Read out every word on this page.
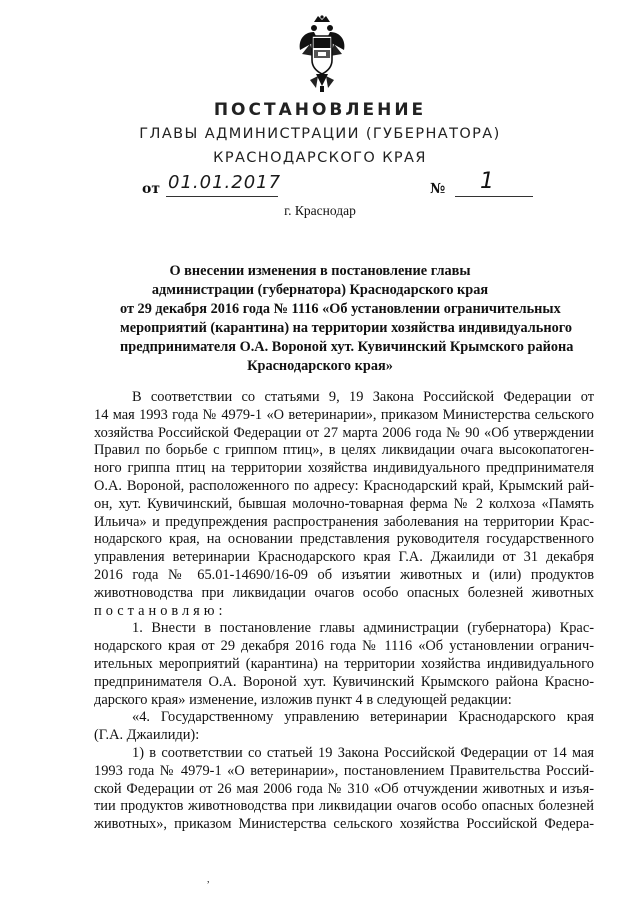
ПОСТАНОВЛЕНИЕ
ГЛАВЫ АДМИНИСТРАЦИИ (ГУБЕРНАТОРА)
КРАСНОДАРСКОГО КРАЯ
от 01.01.2017	№ 1
г. Краснодар
О внесении изменения в постановление главы
администрации (губернатора) Краснодарского края
от 29 декабря 2016 года № 1116 «Об установлении ограничительных
мероприятий (карантина) на территории хозяйства индивидуального
предпринимателя О.А. Вороной хут. Кувичинский Крымского района
Краснодарского края»
В соответствии со статьями 9, 19 Закона Российской Федерации от
14 мая 1993 года № 4979-1 «О ветеринарии», приказом Министерства сельского
хозяйства Российской Федерации от 27 марта 2006 года № 90 «Об утверждении
Правил по борьбе с гриппом птиц», в целях ликвидации очага высокопатоген-
ного гриппа птиц на территории хозяйства индивидуального предпринимателя
О.А. Вороной, расположенного по адресу: Краснодарский край, Крымский рай-
он, хут. Кувичинский, бывшая молочно-товарная ферма № 2 колхоза «Память
Ильича» и предупреждения распространения заболевания на территории Крас-
нодарского края, на основании представления руководителя государственного
управления ветеринарии Краснодарского края Г.А. Джаилиди от 31 декабря
2016 года № 65.01-14690/16-09 об изъятии животных и (или) продуктов
животноводства при ликвидации очагов особо опасных болезней животных
постановляю:
1. Внести в постановление главы администрации (губернатора) Крас-
нодарского края от 29 декабря 2016 года № 1116 «Об установлении огранич-
ительных мероприятий (карантина) на территории хозяйства индивидуального
предпринимателя О.А. Вороной хут. Кувичинский Крымского района Красно-
дарского края» изменение, изложив пункт 4 в следующей редакции:
«4. Государственному управлению ветеринарии Краснодарского края
(Г.А. Джаилиди):
1) в соответствии со статьей 19 Закона Российской Федерации от 14 мая
1993 года № 4979-1 «О ветеринарии», постановлением Правительства Россий-
ской Федерации от 26 мая 2006 года № 310 «Об отчуждении животных и изъя-
тии продуктов животноводства при ликвидации очагов особо опасных болезней
животных», приказом Министерства сельского хозяйства Российской Федера-
,
